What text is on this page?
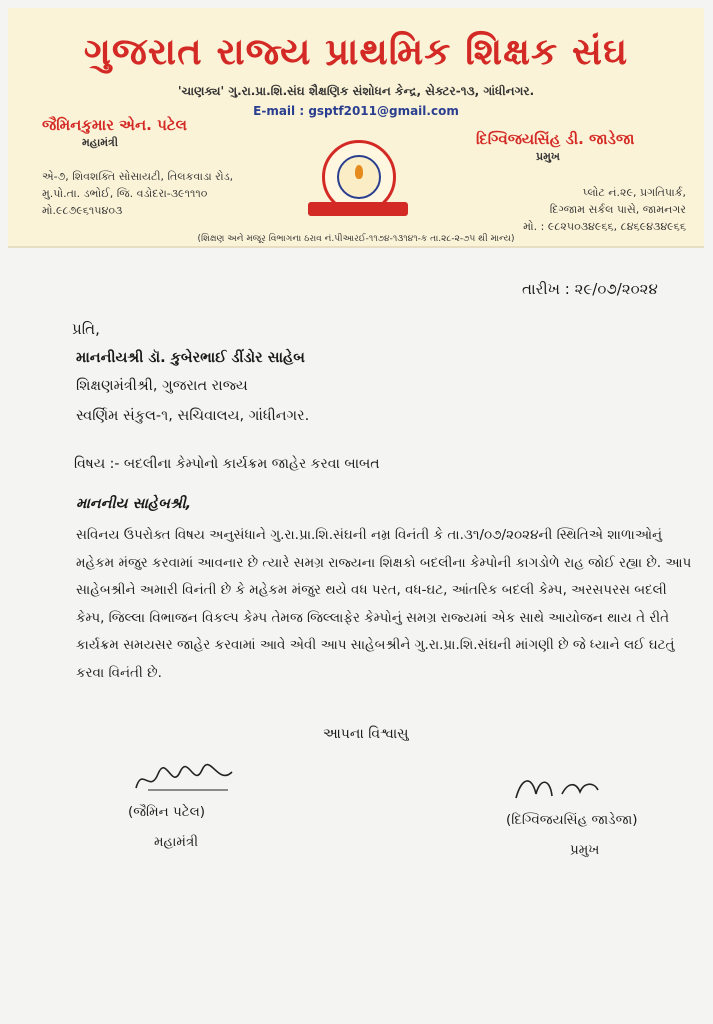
ગુજરાત રાજ્ય પ્રાથમિક શિક્ષક સંઘ
'ચાણક્ય' ગુ.રા.પ્રા.શિ.સંઘ શૈક્ષણિક સંશોધન કેન્દ્ર, સેક્ટર-૧૩, ગાંધીનગર.
E-mail : gsptf2011@gmail.com
જૈમિનકુમાર એન. પટેલ
મહામંત્રી
એ-૭, શિવશક્તિ સોસાયટી, તિલકવાડા રોડ,
મુ.પો.તા. ડભોઈ, જિ. વડોદરા-૩૯૧૧૧૦
મો.૯૮૭૯૬૧૫૪૦૩
દિગ્વિજયસિંહ ડી. જાડેજા
પ્રમુખ
પ્લોટ નં.૨૯, પ્રગતિપાર્ક,
દિગ્જામ સર્કલ પાસે, જામનગર
મો. : ૯૮૨૫૦૩૪૯૬૬, ૮૪૬૯૪૩૪૯૬૬
(શિક્ષણ અને મજૂર વિભાગના ઠરાવ નં.પીઆરઈ-૧૧૭૪-૧૩૧૪૧-ક તા.૨૮-૨-૭૫ થી માન્ય)
તારીખ : ૨૯/૦૭/૨૦૨૪
પ્રતિ,
માનનીયશ્રી ડૉ. કુબેરભાઈ ડીંડોર સાહેબ
શિક્ષણમંત્રીશ્રી, ગુજરાત રાજ્ય
સ્વર્ણિમ સંકુલ-૧, સચિવાલય, ગાંધીનગર.
વિષય :- બદલીના કેમ્પોનો કાર્યક્રમ જાહેર કરવા બાબત
માનનીય સાહેબશ્રી,
સવિનય ઉપરોક્ત વિષય અનુસંધાને ગુ.રા.પ્રા.શિ.સંઘની નમ્ર વિનંતી કે તા.૩૧/૦૭/૨૦૨૪ની સ્થિતિએ શાળાઓનું મહેકમ મંજુર કરવામાં આવનાર છે ત્યારે સમગ્ર રાજ્યના શિક્ષકો બદલીના કેમ્પોની કાગડોળે રાહ જોઈ રહ્યા છે. આપ સાહેબશ્રીને અમારી વિનંતી છે કે મહેકમ મંજુર થયે વધ પરત, વધ-ઘટ, આંતરિક બદલી કેમ્પ, અરસપરસ બદલી કેમ્પ, જિલ્લા વિભાજન વિકલ્પ કેમ્પ તેમજ જિલ્લાફેર કેમ્પોનું સમગ્ર રાજ્યમાં એક સાથે આયોજન થાય તે રીતે કાર્યક્રમ સમયસર જાહેર કરવામાં આવે એવી આપ સાહેબશ્રીને ગુ.રા.પ્રા.શિ.સંઘની માંગણી છે જે ધ્યાને લઈ ઘટતું કરવા વિનંતી છે.
આપના વિશ્વાસુ
(જૈમિન પટેલ)
મહામંત્રી
(દિગ્વિજયસિંહ જાડેજા)
પ્રમુખ
